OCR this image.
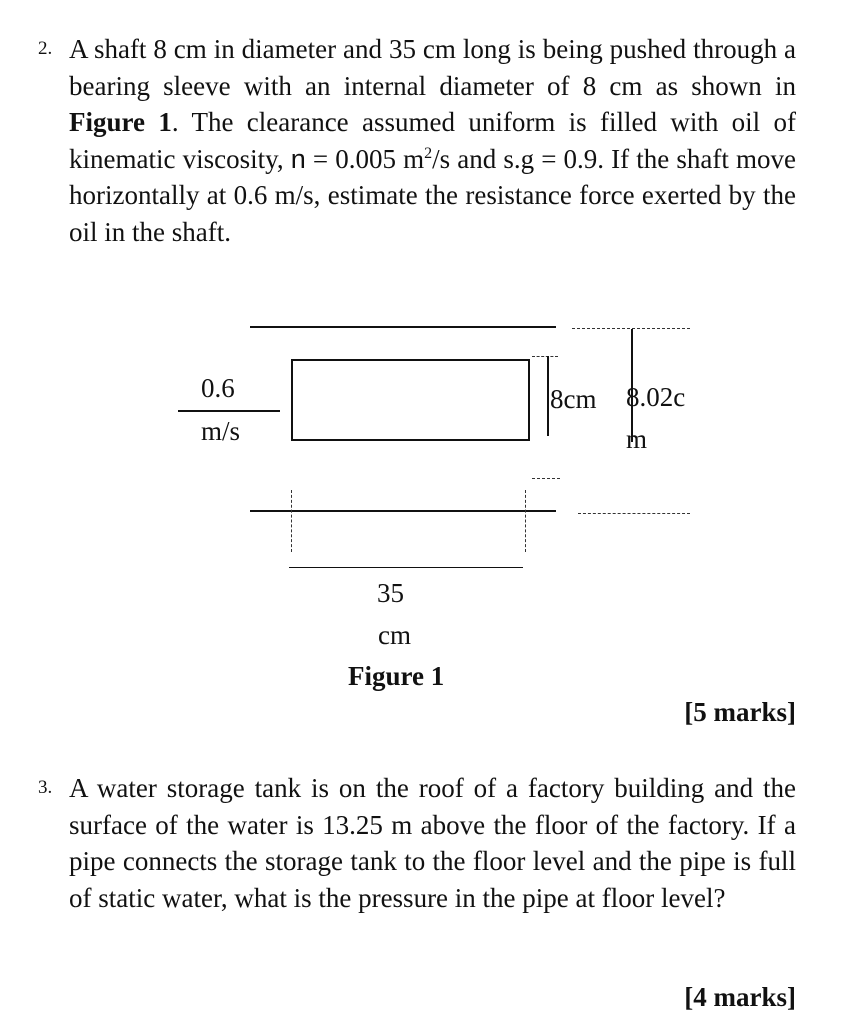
2. A shaft 8 cm in diameter and 35 cm long is being pushed through a bearing sleeve with an internal diameter of 8 cm as shown in Figure 1. The clearance assumed uniform is filled with oil of kinematic viscosity, n = 0.005 $m^2/s$ and s.g = 0.9. If the shaft move horizontally at 0.6 m/s, estimate the resistance force exerted by the oil in the shaft.
0.6
m/s
8cm 8.02c
m
35
cm
Figure 1
[5 marks]
3. A water storage tank is on the roof of a factory building and the surface of the water is 13.25 m above the floor of the factory. If a pipe connects the storage tank to the floor level and the pipe is full of static water, what is the pressure in the pipe at floor level?
[4 marks]
